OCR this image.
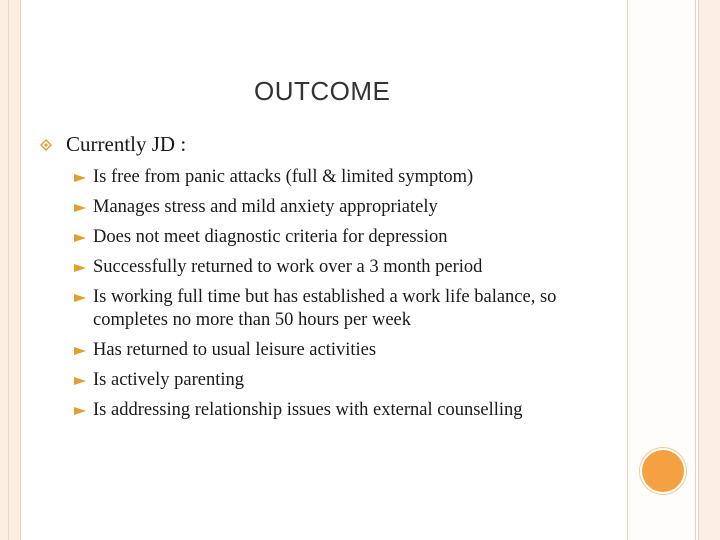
OUTCOME
Currently JD :
Is free from panic attacks (full & limited symptom)
Manages stress and mild anxiety appropriately
Does not meet diagnostic criteria for depression
Successfully returned to work over a 3 month period
Is working full time but has established a work life balance, so completes no more than 50 hours per week
Has returned to usual leisure activities
Is actively parenting
Is addressing relationship issues with external counselling
